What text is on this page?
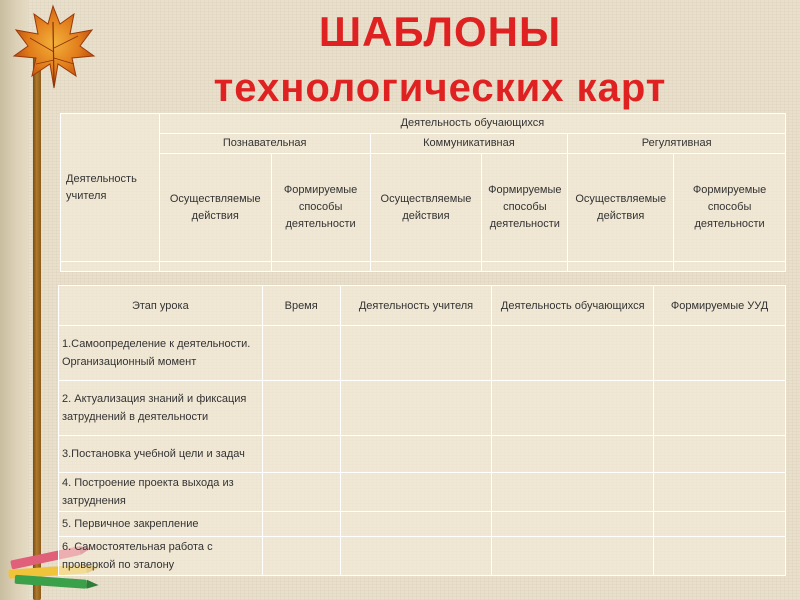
ШАБЛОНЫ
технологических карт
Деятельность учителя	Деятельность обучающихся					
	Познавательная		Коммуникативная		Регулятивная	
	Осуществляемые действия	Формируемые способы деятельности	Осуществляемые действия	Формируемые способы деятельности	Осуществляемые действия	Формируемые способы деятельности

Этап урока	Время	Деятельность учителя	Деятельность обучающихся	Формируемые УУД
1.Самоопределение к деятельности. Организационный момент				
2. Актуализация знаний и фиксация затруднений в деятельности				
3.Постановка учебной цели и задач				
4. Построение проекта выхода из затруднения				
5. Первичное закрепление				
6. Самостоятельная работа с проверкой по эталону				
